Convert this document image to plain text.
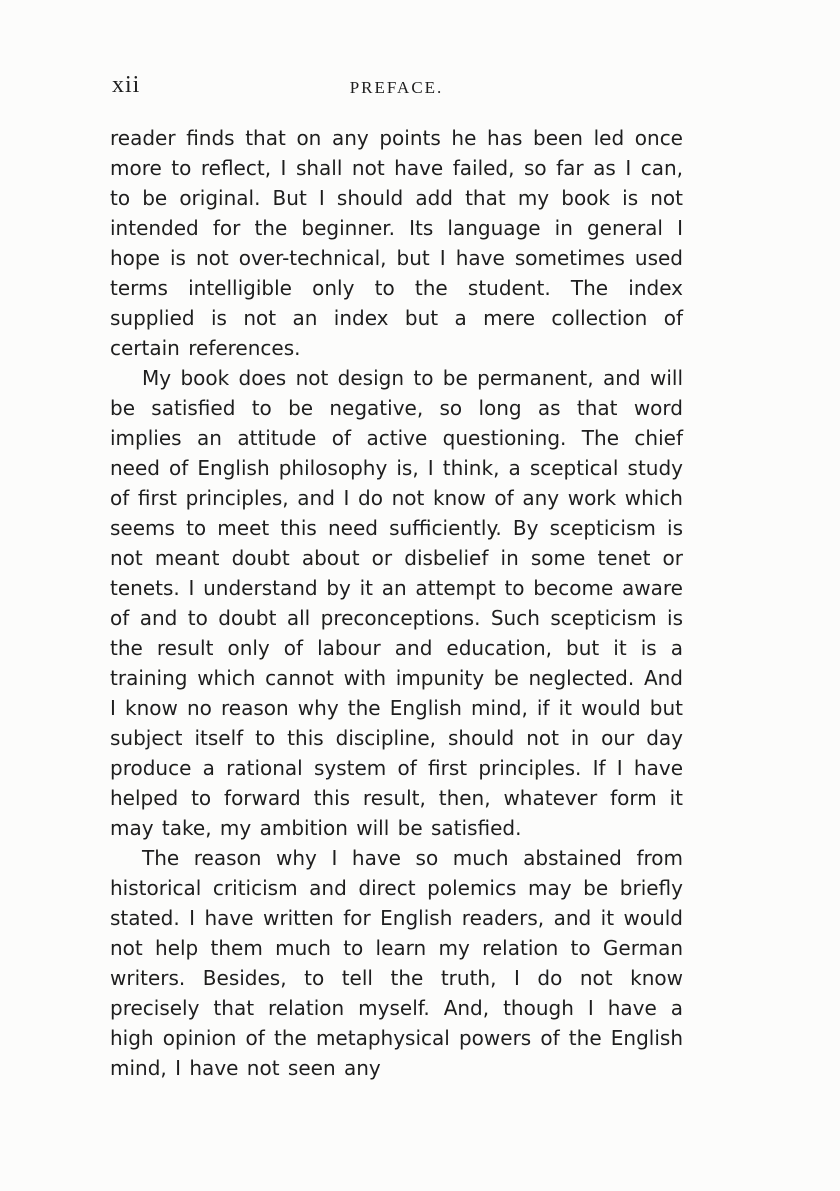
xii	PREFACE.

reader finds that on any points he has been led once more to reflect, I shall not have failed, so far as I can, to be original. But I should add that my book is not intended for the beginner. Its language in general I hope is not over-technical, but I have sometimes used terms intelligible only to the student. The index supplied is not an index but a mere collection of certain references.

My book does not design to be permanent, and will be satisfied to be negative, so long as that word implies an attitude of active questioning. The chief need of English philosophy is, I think, a sceptical study of first principles, and I do not know of any work which seems to meet this need sufficiently. By scepticism is not meant doubt about or disbelief in some tenet or tenets. I understand by it an attempt to become aware of and to doubt all preconceptions. Such scepticism is the result only of labour and education, but it is a training which cannot with impunity be neglected. And I know no reason why the English mind, if it would but subject itself to this discipline, should not in our day produce a rational system of first principles. If I have helped to forward this result, then, whatever form it may take, my ambition will be satisfied.

The reason why I have so much abstained from historical criticism and direct polemics may be briefly stated. I have written for English readers, and it would not help them much to learn my relation to German writers. Besides, to tell the truth, I do not know precisely that relation myself. And, though I have a high opinion of the metaphysical powers of the English mind, I have not seen any
